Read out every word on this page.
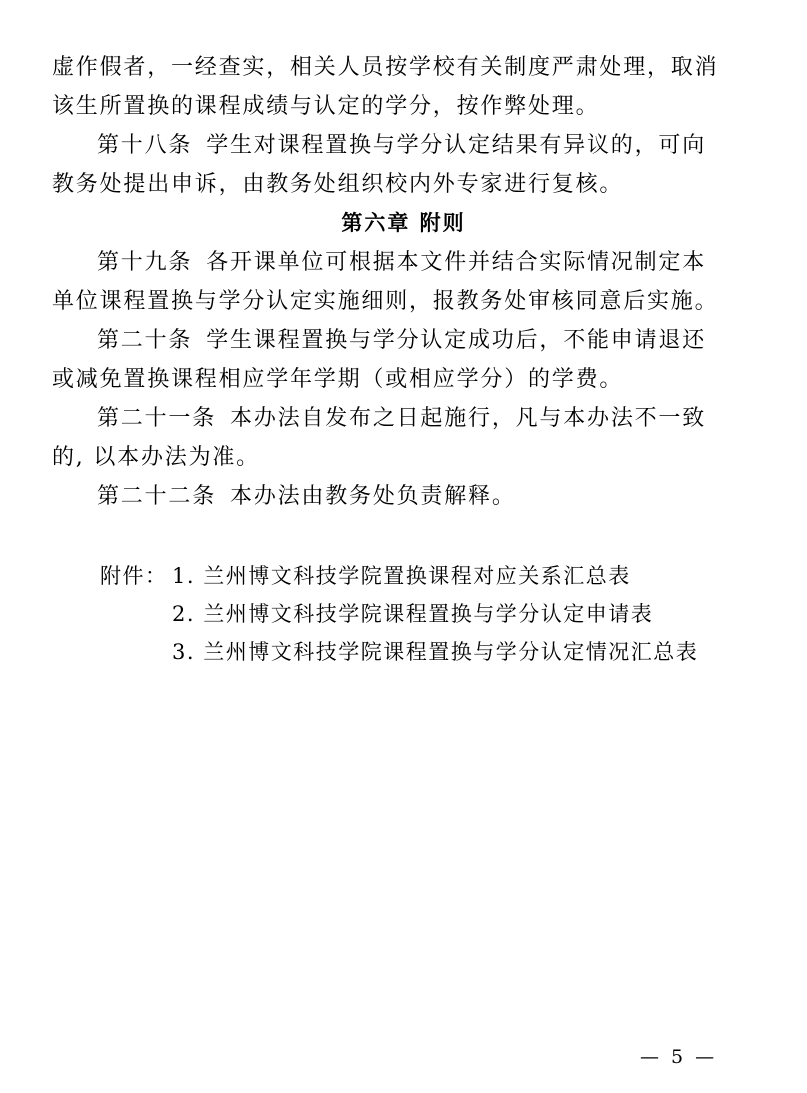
虚作假者，一经查实，相关人员按学校有关制度严肃处理，取消
该生所置换的课程成绩与认定的学分，按作弊处理。
第十八条 学生对课程置换与学分认定结果有异议的，可向
教务处提出申诉，由教务处组织校内外专家进行复核。
第六章 附则
第十九条 各开课单位可根据本文件并结合实际情况制定本
单位课程置换与学分认定实施细则，报教务处审核同意后实施。
第二十条 学生课程置换与学分认定成功后，不能申请退还
或减免置换课程相应学年学期（或相应学分）的学费。
第二十一条 本办法自发布之日起施行，凡与本办法不一致
的, 以本办法为准。
第二十二条 本办法由教务处负责解释。
附件： 1. 兰州博文科技学院置换课程对应关系汇总表
2. 兰州博文科技学院课程置换与学分认定申请表
3. 兰州博文科技学院课程置换与学分认定情况汇总表
— 5 —
